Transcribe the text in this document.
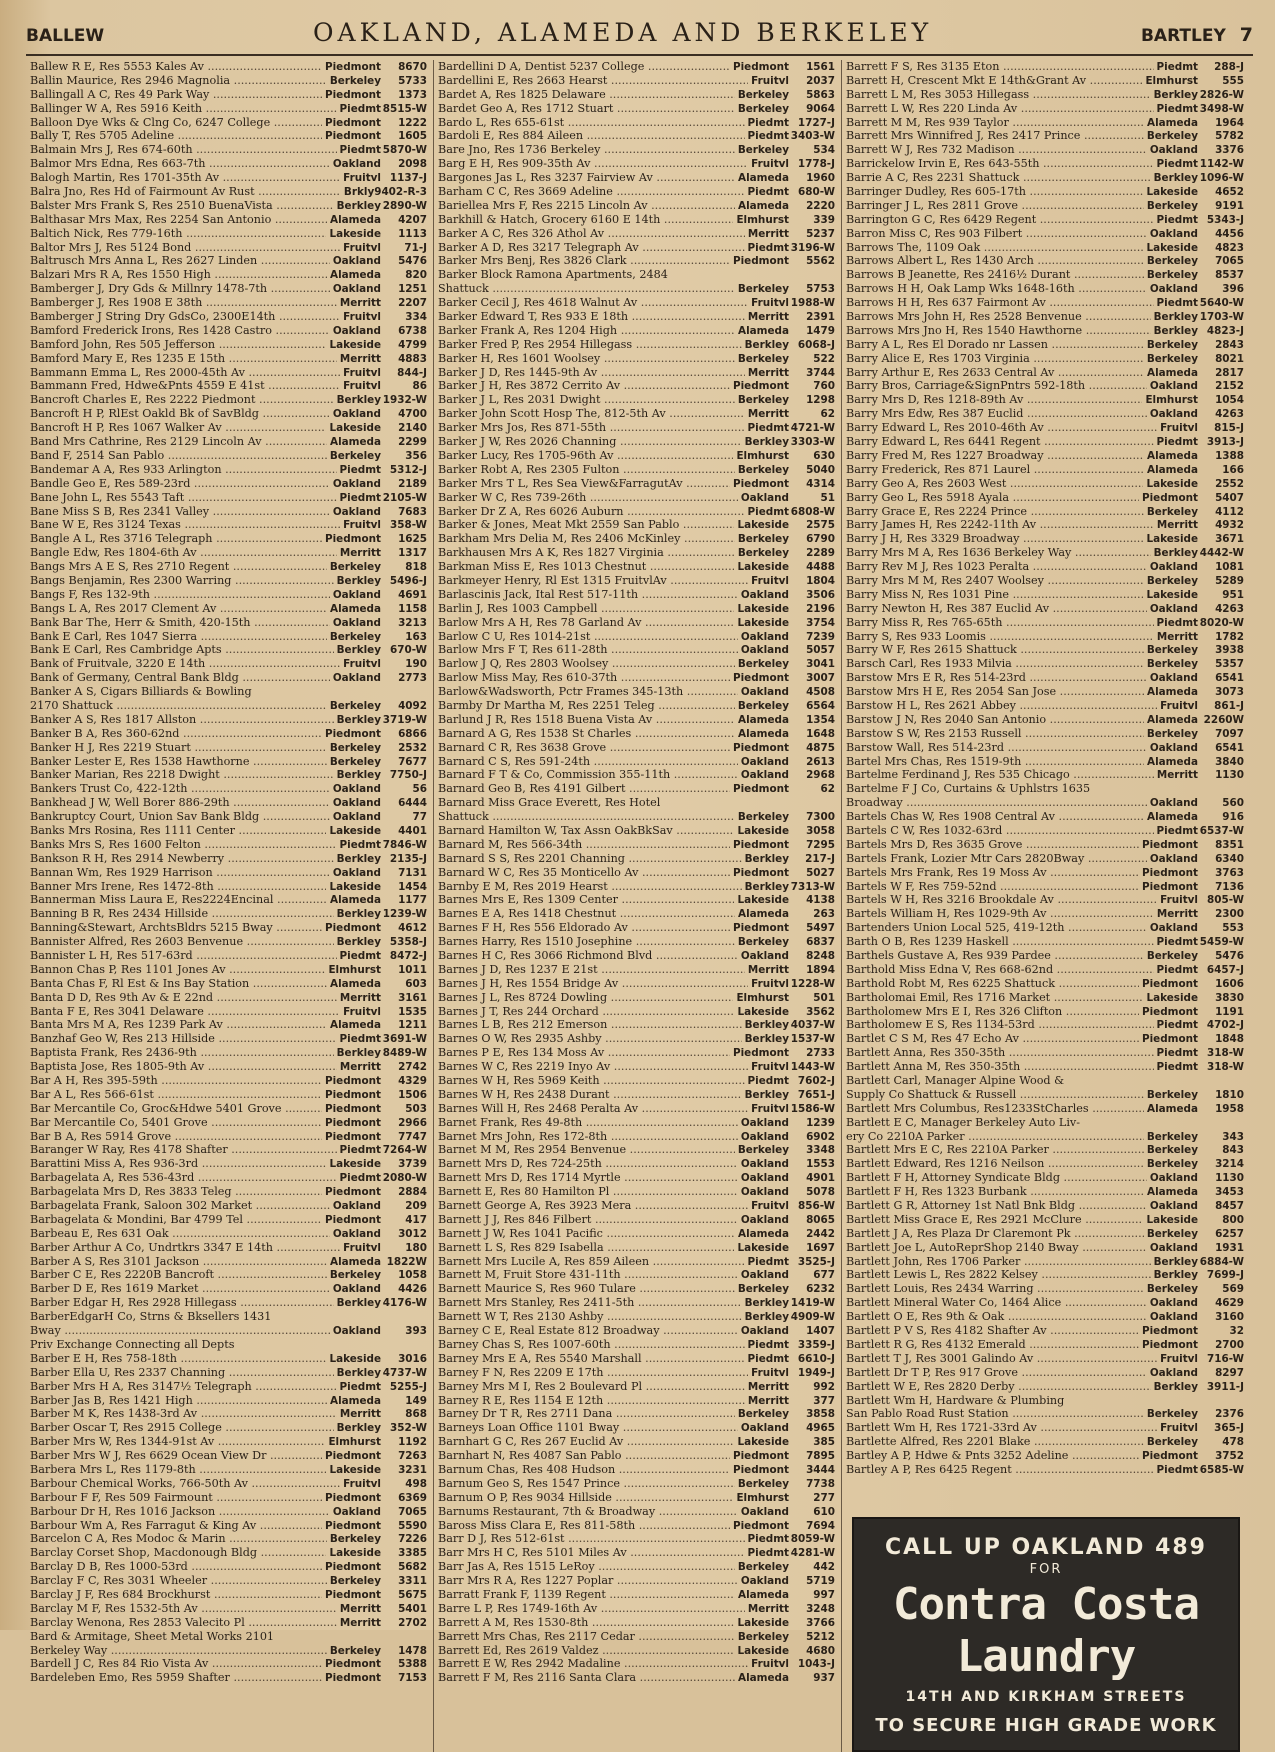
BALLEW	OAKLAND, ALAMEDA AND BERKELEY	BARTLEY 7
Ballew R E, Res 5553 Kales Av .....	Piedmont	8670
Ballin Maurice, Res 2946 Magnolia .....	Berkeley	5733
Ballingall A C, Res 49 Park Way .....	Piedmont	1373
Ballinger W A, Res 5916 Keith .....	Piedmt 8515-W
Balloon Dye Wks & Clng Co, 6247 College .....	Piedmont	1222
Bally T, Res 5705 Adeline .....	Piedmont	1605
Balmain Mrs J, Res 674-60th .....	Piedmt 5870-W
Balmor Mrs Edna, Res 663-7th .....	Oakland	2098
Balogh Martin, Res 1701-35th Av .....	Fruitvl 1137-J
Balra Jno, Res Hd of Fairmount Av Rust .....	Brkly 9402-R-3
Balster Mrs Frank S, Res 2510 BuenaVista .....	Berkley 2890-W
Balthasar Mrs Max, Res 2254 San Antonio .....	Alameda	4207
Baltich Nick, Res 779-16th .....	Lakeside	1113
Baltor Mrs J, Res 5124 Bond .....	Fruitvl	71-J
Baltrusch Mrs Anna L, Res 2627 Linden .....	Oakland	5476
Balzari Mrs R A, Res 1550 High .....	Alameda	820
Bamberger J, Dry Gds & Millnry 1478-7th .....	Oakland	1251
Bamberger J, Res 1908 E 38th .....	Merritt	2207
Bamberger J String Dry GdsCo, 2300E14th .....	Fruitvl	334
Bamford Frederick Irons, Res 1428 Castro .....	Oakland	6738
Bamford John, Res 505 Jefferson .....	Lakeside	4799
Bamford Mary E, Res 1235 E 15th .....	Merritt	4883
Bammann Emma L, Res 2000-45th Av .....	Fruitvl	844-J
Bammann Fred, Hdwe&Pnts 4559 E 41st .....	Fruitvl	86
Bancroft Charles E, Res 2222 Piedmont .....	Berkley 1932-W
Bancroft H P, RlEst Oakld Bk of SavBldg .....	Oakland	4700
Bancroft H P, Res 1067 Walker Av .....	Lakeside	2140
Band Mrs Cathrine, Res 2129 Lincoln Av .....	Alameda	2299
Band F, 2514 San Pablo .....	Berkeley	356
Bandemar A A, Res 933 Arlington .....	Piedmt 5312-J
Bandle Geo E, Res 589-23rd .....	Oakland	2189
Bane John L, Res 5543 Taft .....	Piedmt 2105-W
Bane Miss S B, Res 2341 Valley .....	Oakland	7683
Bane W E, Res 3124 Texas .....	Fruitvl 358-W
Bangle A L, Res 3716 Telegraph .....	Piedmont	1625
Bangle Edw, Res 1804-6th Av .....	Merritt	1317
Bangs Mrs A E S, Res 2710 Regent .....	Berkeley	818
Bangs Benjamin, Res 2300 Warring .....	Berkley 5496-J
Bangs F, Res 132-9th .....	Oakland	4691
Bangs L A, Res 2017 Clement Av .....	Alameda	1158
Bank Bar The, Herr & Smith, 420-15th .....	Oakland	3213
Bank E Carl, Res 1047 Sierra .....	Berkeley	163
Bank E Carl, Res Cambridge Apts .....	Berkley 670-W
Bank of Fruitvale, 3220 E 14th .....	Fruitvl	190
Bank of Germany, Central Bank Bldg .....	Oakland	2773
Banker A S, Cigars Billiards & Bowling
2170 Shattuck .....	Berkeley	4092
Banker A S, Res 1817 Allston .....	Berkley 3719-W
Banker B A, Res 360-62nd .....	Piedmont	6866
Banker H J, Res 2219 Stuart .....	Berkeley	2532
Banker Lester E, Res 1538 Hawthorne .....	Berkeley	7677
Banker Marian, Res 2218 Dwight .....	Berkley 7750-J
Bankers Trust Co, 422-12th .....	Oakland	56
Bankhead J W, Well Borer 886-29th .....	Oakland	6444
Bankruptcy Court, Union Sav Bank Bldg .....	Oakland	77
Banks Mrs Rosina, Res 1111 Center .....	Lakeside	4401
Banks Mrs S, Res 1600 Felton .....	Piedmt 7846-W
Bankson R H, Res 2914 Newberry .....	Berkley 2135-J
Bannan Wm, Res 1929 Harrison .....	Oakland	7131
Banner Mrs Irene, Res 1472-8th .....	Lakeside	1454
Bannerman Miss Laura E, Res2224Encinal .....	Alameda	1177
Banning B R, Res 2434 Hillside .....	Berkley 1239-W
Banning&Stewart, ArchtsBldrs 5215 Bway .....	Piedmont	4612
Bannister Alfred, Res 2603 Benvenue .....	Berkley 5358-J
Bannister L H, Res 517-63rd .....	Piedmt 8472-J
Bannon Chas P, Res 1101 Jones Av .....	Elmhurst	1011
Banta Chas F, Rl Est & Ins Bay Station .....	Alameda	603
Banta D D, Res 9th Av & E 22nd .....	Merritt	3161
Banta F E, Res 3041 Delaware .....	Fruitvl	1535
Banta Mrs M A, Res 1239 Park Av .....	Alameda	1211
Banzhaf Geo W, Res 213 Hillside .....	Piedmt 3691-W
Baptista Frank, Res 2436-9th .....	Berkley 8489-W
Baptista Jose, Res 1805-9th Av .....	Merritt	2742
Bar A H, Res 395-59th .....	Piedmont	4329
Bar A L, Res 566-61st .....	Piedmont	1506
Bar Mercantile Co, Groc&Hdwe 5401 Grove .....	Piedmont	503
Bar Mercantile Co, 5401 Grove .....	Piedmont	2966
Bar B A, Res 5914 Grove .....	Piedmont	7747
Baranger W Ray, Res 4178 Shafter .....	Piedmt 7264-W
Barattini Miss A, Res 936-3rd .....	Lakeside	3739
Barbagelata A, Res 536-43rd .....	Piedmt 2080-W
Barbagelata Mrs D, Res 3833 Teleg .....	Piedmont	2884
Barbagelata Frank, Saloon 302 Market .....	Oakland	209
Barbagelata & Mondini, Bar 4799 Tel .....	Piedmont	417
Barbeau E, Res 631 Oak .....	Oakland	3012
Barber Arthur A Co, Undrtkrs 3347 E 14th .....	Fruitvl	180
Barber A S, Res 3101 Jackson .....	Alameda 1822W
Barber C E, Res 2220B Bancroft .....	Berkeley	1058
Barber D E, Res 1619 Market .....	Oakland	4426
Barber Edgar H, Res 2928 Hillegass .....	Berkley 4176-W
BarberEdgarH Co, Strns & Bksellers 1431
Bway .....	Oakland	393
Priv Exchange Connecting all Depts
Barber E H, Res 758-18th .....	Lakeside	3016
Barber Ella U, Res 2337 Channing .....	Berkley 4737-W
Barber Mrs H A, Res 3147½ Telegraph .....	Piedmt 5255-J
Barber Jas B, Res 1421 High .....	Alameda	149
Barber M K, Res 1438-3rd Av .....	Merritt	868
Barber Oscar T, Res 2915 College .....	Berkley 352-W
Barber Mrs W, Res 1344-91st Av .....	Elmhurst	1192
Barber Mrs W J, Res 6629 Ocean View Dr .....	Piedmont	7263
Barbera Mrs L, Res 1179-8th .....	Lakeside	3231
Barbour Chemical Works, 766-50th Av .....	Fruitvl	498
Barbour F F, Res 509 Fairmount .....	Piedmont	6369
Barbour Dr H, Res 1016 Jackson .....	Oakland	7065
Barbour Wm A, Res Farragut & King Av .....	Piedmont	5590
Barcelon C A, Res Modoc & Marin .....	Berkeley	7226
Barclay Corset Shop, Macdonough Bldg .....	Lakeside	3385
Barclay D B, Res 1000-53rd .....	Piedmont	5682
Barclay F C, Res 3031 Wheeler .....	Berkeley	3311
Barclay J F, Res 684 Brockhurst .....	Piedmont	5675
Barclay M F, Res 1532-5th Av .....	Merritt	5401
Barclay Wenona, Res 2853 Valecito Pl .....	Merritt	2702
Bard & Armitage, Sheet Metal Works 2101
Berkeley Way .....	Berkeley	1478
Bardell J C, Res 84 Rio Vista Av .....	Piedmont	5388
Bardeleben Emo, Res 5959 Shafter .....	Piedmont	7153
Bardellini D A, Dentist 5237 College .....	Piedmont	1561
Bardellini E, Res 2663 Hearst .....	Fruitvl	2037
Bardet A, Res 1825 Delaware .....	Berkeley	5863
Bardet Geo A, Res 1712 Stuart .....	Berkeley	9064
Bardo L, Res 655-61st .....	Piedmt 1727-J
Bardoli E, Res 884 Aileen .....	Piedmt 3403-W
Bare Jno, Res 1736 Berkeley .....	Berkeley	534
Barg E H, Res 909-35th Av .....	Fruitvl 1778-J
Bargones Jas L, Res 3237 Fairview Av .....	Alameda	1960
Barham C C, Res 3669 Adeline .....	Piedmt 680-W
Bariellea Mrs F, Res 2215 Lincoln Av .....	Alameda	2220
Barkhill & Hatch, Grocery 6160 E 14th .....	Elmhurst	339
Barker A C, Res 326 Athol Av .....	Merritt	5237
Barker A D, Res 3217 Telegraph Av .....	Piedmt 3196-W
Barker Mrs Benj, Res 3826 Clark .....	Piedmont	5562
Barker Block Ramona Apartments, 2484
Shattuck .....	Berkeley	5753
Barker Cecil J, Res 4618 Walnut Av .....	Fruitvl 1988-W
Barker Edward T, Res 933 E 18th .....	Merritt	2391
Barker Frank A, Res 1204 High .....	Alameda	1479
Barker Fred P, Res 2954 Hillegass .....	Berkley 6068-J
Barker H, Res 1601 Woolsey .....	Berkeley	522
Barker J D, Res 1445-9th Av .....	Merritt	3744
Barker J H, Res 3872 Cerrito Av .....	Piedmont	760
Barker J L, Res 2031 Dwight .....	Berkeley	1298
Barker John Scott Hosp The, 812-5th Av .....	Merritt	62
Barker Mrs Jos, Res 871-55th .....	Piedmt 4721-W
Barker J W, Res 2026 Channing .....	Berkley 3303-W
Barker Lucy, Res 1705-96th Av .....	Elmhurst	630
Barker Robt A, Res 2305 Fulton .....	Berkeley	5040
Barker Mrs T L, Res Sea View&FarragutAv .....	Piedmont	4314
Barker W C, Res 739-26th .....	Oakland	51
Barker Dr Z A, Res 6026 Auburn .....	Piedmt 6808-W
Barker & Jones, Meat Mkt 2559 San Pablo .....	Lakeside	2575
Barkham Mrs Delia M, Res 2406 McKinley .....	Berkeley	6790
Barkhausen Mrs A K, Res 1827 Virginia .....	Berkeley	2289
Barkman Miss E, Res 1013 Chestnut .....	Lakeside	4488
Barkmeyer Henry, Rl Est 1315 FruitvlAv .....	Fruitvl	1804
Barlascinis Jack, Ital Rest 517-11th .....	Oakland	3506
Barlin J, Res 1003 Campbell .....	Lakeside	2196
Barlow Mrs A H, Res 78 Garland Av .....	Lakeside	3754
Barlow C U, Res 1014-21st .....	Oakland	7239
Barlow Mrs F T, Res 611-28th .....	Oakland	5057
Barlow J Q, Res 2803 Woolsey .....	Berkeley	3041
Barlow Miss May, Res 610-37th .....	Piedmont	3007
Barlow&Wadsworth, Pctr Frames 345-13th .....	Oakland	4508
Barmby Dr Martha M, Res 2251 Teleg .....	Berkeley	6564
Barlund J R, Res 1518 Buena Vista Av .....	Alameda	1354
Barnard A G, Res 1538 St Charles .....	Alameda	1648
Barnard C R, Res 3638 Grove .....	Piedmont	4875
Barnard C S, Res 591-24th .....	Oakland	2613
Barnard F T & Co, Commission 355-11th .....	Oakland	2968
Barnard Geo B, Res 4191 Gilbert .....	Piedmont	62
Barnard Miss Grace Everett, Res Hotel
Shattuck .....	Berkeley	7300
Barnard Hamilton W, Tax Assn OakBkSav .....	Lakeside	3058
Barnard M, Res 566-34th .....	Piedmont	7295
Barnard S S, Res 2201 Channing .....	Berkley	217-J
Barnard W C, Res 35 Monticello Av .....	Piedmont	5027
Barnby E M, Res 2019 Hearst .....	Berkley 7313-W
Barnes Mrs E, Res 1309 Center .....	Lakeside	4138
Barnes E A, Res 1418 Chestnut .....	Alameda	263
Barnes F H, Res 556 Eldorado Av .....	Piedmont	5497
Barnes Harry, Res 1510 Josephine .....	Berkeley	6837
Barnes H C, Res 3066 Richmond Blvd .....	Oakland	8248
Barnes J D, Res 1237 E 21st .....	Merritt	1894
Barnes J H, Res 1554 Bridge Av .....	Fruitvl 1228-W
Barnes J L, Res 8724 Dowling .....	Elmhurst	501
Barnes J T, Res 244 Orchard .....	Lakeside	3562
Barnes L B, Res 212 Emerson .....	Berkley 4037-W
Barnes O W, Res 2935 Ashby .....	Berkley 1537-W
Barnes P E, Res 134 Moss Av .....	Piedmont	2733
Barnes W C, Res 2219 Inyo Av .....	Fruitvl 1443-W
Barnes W H, Res 5969 Keith .....	Piedmt 7602-J
Barnes W H, Res 2438 Durant .....	Berkley 7651-J
Barnes Will H, Res 2468 Peralta Av .....	Fruitvl 1586-W
Barnet Frank, Res 49-8th .....	Oakland	1239
Barnet Mrs John, Res 172-8th .....	Oakland	6902
Barnet M M, Res 2954 Benvenue .....	Berkeley	3348
Barnett Mrs D, Res 724-25th .....	Oakland	1553
Barnett Mrs D, Res 1714 Myrtle .....	Oakland	4901
Barnett E, Res 80 Hamilton Pl .....	Oakland	5078
Barnett George A, Res 3923 Mera .....	Fruitvl 856-W
Barnett J J, Res 846 Filbert .....	Oakland	8065
Barnett J W, Res 1041 Pacific .....	Alameda	2442
Barnett L S, Res 829 Isabella .....	Lakeside	1697
Barnett Mrs Lucile A, Res 859 Aileen .....	Piedmt 3525-J
Barnett M, Fruit Store 431-11th .....	Oakland	677
Barnett Maurice S, Res 960 Tulare .....	Berkeley	6232
Barnett Mrs Stanley, Res 2411-5th .....	Berkley 1419-W
Barnett W T, Res 2130 Ashby .....	Berkley 4909-W
Barney C E, Real Estate 812 Broadway .....	Oakland	1407
Barney Chas S, Res 1007-60th .....	Piedmt 3359-J
Barney Mrs E A, Res 5540 Marshall .....	Piedmt 6610-J
Barney F N, Res 2209 E 17th .....	Fruitvl 1949-J
Barney Mrs M I, Res 2 Boulevard Pl .....	Merritt	992
Barney R E, Res 1154 E 12th .....	Merritt	377
Barney Dr T R, Res 2711 Dana .....	Berkeley	3858
Barneys Loan Office 1101 Bway .....	Oakland	4965
Barnhart G C, Res 267 Euclid Av .....	Lakeside	385
Barnhart N, Res 4087 San Pablo .....	Piedmont	7895
Barnum Chas, Res 408 Hudson .....	Piedmont	3444
Barnum Geo S, Res 1547 Prince .....	Berkeley	7738
Barnum O P, Res 9034 Hillside .....	Elmhurst	277
Barnums Restaurant, 7th & Broadway .....	Oakland	610
Baross Miss Clara E, Res 811-58th .....	Piedmont	7694
Barr D J, Res 512-61st .....	Piedmt 8059-W
Barr Mrs H C, Res 5101 Miles Av .....	Piedmt 4281-W
Barr Jas A, Res 1515 LeRoy .....	Berkeley	442
Barr Mrs R A, Res 1227 Poplar .....	Oakland	5719
Barratt Frank F, 1139 Regent .....	Alameda	997
Barre L P, Res 1749-16th Av .....	Merritt	3248
Barrett A M, Res 1530-8th .....	Lakeside	3766
Barrett Mrs Chas, Res 2117 Cedar .....	Berkeley	5212
Barrett Ed, Res 2619 Valdez .....	Lakeside	4680
Barrett E W, Res 2942 Madaline .....	Fruitvl 1043-J
Barrett F M, Res 2116 Santa Clara .....	Alameda	937
Barrett F S, Res 3135 Eton .....	Piedmt	288-J
Barrett H, Crescent Mkt E 14th&Grant Av .....	Elmhurst	555
Barrett L M, Res 3053 Hillegass .....	Berkley 2826-W
Barrett L W, Res 220 Linda Av .....	Piedmt 3498-W
Barrett M M, Res 939 Taylor .....	Alameda	1964
Barrett Mrs Winnifred J, Res 2417 Prince .....	Berkeley	5782
Barrett W J, Res 732 Madison .....	Oakland	3376
Barrickelow Irvin E, Res 643-55th .....	Piedmt 1142-W
Barrie A C, Res 2231 Shattuck .....	Berkley 1096-W
Barringer Dudley, Res 605-17th .....	Lakeside	4652
Barringer J L, Res 2811 Grove .....	Berkeley	9191
Barrington G C, Res 6429 Regent .....	Piedmt 5343-J
Barron Miss C, Res 903 Filbert .....	Oakland	4456
Barrows The, 1109 Oak .....	Lakeside	4823
Barrows Albert L, Res 1430 Arch .....	Berkeley	7065
Barrows B Jeanette, Res 2416½ Durant .....	Berkeley	8537
Barrows H H, Oak Lamp Wks 1648-16th .....	Oakland	396
Barrows H H, Res 637 Fairmont Av .....	Piedmt 5640-W
Barrows Mrs John H, Res 2528 Benvenue .....	Berkley 1703-W
Barrows Mrs Jno H, Res 1540 Hawthorne .....	Berkley 4823-J
Barry A L, Res El Dorado nr Lassen .....	Berkeley	2843
Barry Alice E, Res 1703 Virginia .....	Berkeley	8021
Barry Arthur E, Res 2633 Central Av .....	Alameda	2817
Barry Bros, Carriage&SignPntrs 592-18th .....	Oakland	2152
Barry Mrs D, Res 1218-89th Av .....	Elmhurst	1054
Barry Mrs Edw, Res 387 Euclid .....	Oakland	4263
Barry Edward L, Res 2010-46th Av .....	Fruitvl	815-J
Barry Edward L, Res 6441 Regent .....	Piedmt 3913-J
Barry Fred M, Res 1227 Broadway .....	Alameda	1388
Barry Frederick, Res 871 Laurel .....	Alameda	166
Barry Geo A, Res 2603 West .....	Lakeside	2552
Barry Geo L, Res 5918 Ayala .....	Piedmont	5407
Barry Grace E, Res 2224 Prince .....	Berkeley	4112
Barry James H, Res 2242-11th Av .....	Merritt	4932
Barry J H, Res 3329 Broadway .....	Lakeside	3671
Barry Mrs M A, Res 1636 Berkeley Way .....	Berkley 4442-W
Barry Rev M J, Res 1023 Peralta .....	Oakland	1081
Barry Mrs M M, Res 2407 Woolsey .....	Berkeley	5289
Barry Miss N, Res 1031 Pine .....	Lakeside	951
Barry Newton H, Res 387 Euclid Av .....	Oakland	4263
Barry Miss R, Res 765-65th .....	Piedmt 8020-W
Barry S, Res 933 Loomis .....	Merritt	1782
Barry W F, Res 2615 Shattuck .....	Berkeley	3938
Barsch Carl, Res 1933 Milvia .....	Berkeley	5357
Barstow Mrs E R, Res 514-23rd .....	Oakland	6541
Barstow Mrs H E, Res 2054 San Jose .....	Alameda	3073
Barstow H L, Res 2621 Abbey .....	Fruitvl	861-J
Barstow J N, Res 2040 San Antonio .....	Alameda 2260W
Barstow S W, Res 2153 Russell .....	Berkeley	7097
Barstow Wall, Res 514-23rd .....	Oakland	6541
Bartel Mrs Chas, Res 1519-9th .....	Alameda	3840
Bartelme Ferdinand J, Res 535 Chicago .....	Merritt	1130
Bartelme F J Co, Curtains & Uphlstrs 1635
Broadway .....	Oakland	560
Bartels Chas W, Res 1908 Central Av .....	Alameda	916
Bartels C W, Res 1032-63rd .....	Piedmt 6537-W
Bartels Mrs D, Res 3635 Grove .....	Piedmont	8351
Bartels Frank, Lozier Mtr Cars 2820Bway .....	Oakland	6340
Bartels Mrs Frank, Res 19 Moss Av .....	Piedmont	3763
Bartels W F, Res 759-52nd .....	Piedmont	7136
Bartels W H, Res 3216 Brookdale Av .....	Fruitvl 805-W
Bartels William H, Res 1029-9th Av .....	Merritt	2300
Bartenders Union Local 525, 419-12th .....	Oakland	553
Barth O B, Res 1239 Haskell .....	Piedmt 5459-W
Barthels Gustave A, Res 939 Pardee .....	Berkeley	5476
Barthold Miss Edna V, Res 668-62nd .....	Piedmt 6457-J
Barthold Robt M, Res 6225 Shattuck .....	Piedmont	1606
Bartholomai Emil, Res 1716 Market .....	Lakeside	3830
Bartholomew Mrs E I, Res 326 Clifton .....	Piedmont	1191
Bartholomew E S, Res 1134-53rd .....	Piedmt 4702-J
Bartlet C S M, Res 47 Echo Av .....	Piedmont	1848
Bartlett Anna, Res 350-35th .....	Piedmt 318-W
Bartlett Anna M, Res 350-35th .....	Piedmt 318-W
Bartlett Carl, Manager Alpine Wood &
Supply Co Shattuck & Russell .....	Berkeley	1810
Bartlett Mrs Columbus, Res1233StCharles .....	Alameda	1958
Bartlett E C, Manager Berkeley Auto Liv-
ery Co 2210A Parker .....	Berkeley	343
Bartlett Mrs E C, Res 2210A Parker .....	Berkeley	843
Bartlett Edward, Res 1216 Neilson .....	Berkeley	3214
Bartlett F H, Attorney Syndicate Bldg .....	Oakland	1130
Bartlett F H, Res 1323 Burbank .....	Alameda	3453
Bartlett G R, Attorney 1st Natl Bnk Bldg .....	Oakland	8457
Bartlett Miss Grace E, Res 2921 McClure .....	Lakeside	800
Bartlett J A, Res Plaza Dr Claremont Pk .....	Berkeley	6257
Bartlett Joe L, AutoReprShop 2140 Bway .....	Oakland	1931
Bartlett John, Res 1706 Parker .....	Berkley 6884-W
Bartlett Lewis L, Res 2822 Kelsey .....	Berkley 7699-J
Bartlett Louis, Res 2434 Warring .....	Berkeley	569
Bartlett Mineral Water Co, 1464 Alice .....	Oakland	4629
Bartlett O E, Res 9th & Oak .....	Oakland	3160
Bartlett P V S, Res 4182 Shafter Av .....	Piedmont	32
Bartlett R G, Res 4132 Emerald .....	Piedmont	2700
Bartlett T J, Res 3001 Galindo Av .....	Fruitvl 716-W
Bartlett Dr T P, Res 917 Grove .....	Oakland	8297
Bartlett W E, Res 2820 Derby .....	Berkley 3911-J
Bartlett Wm H, Hardware & Plumbing
San Pablo Road Rust Station .....	Berkeley	2376
Bartlett Wm H, Res 1721-33rd Av .....	Fruitvl	365-J
Bartlette Alfred, Res 2201 Blake .....	Berkeley	478
Bartley A P, Hdwe & Pnts 3252 Adeline .....	Piedmont	3752
Bartley A P, Res 6425 Regent .....	Piedmt 6585-W
CALL UP OAKLAND 489
FOR
Contra Costa Laundry
14TH AND KIRKHAM STREETS
TO SECURE HIGH GRADE WORK
